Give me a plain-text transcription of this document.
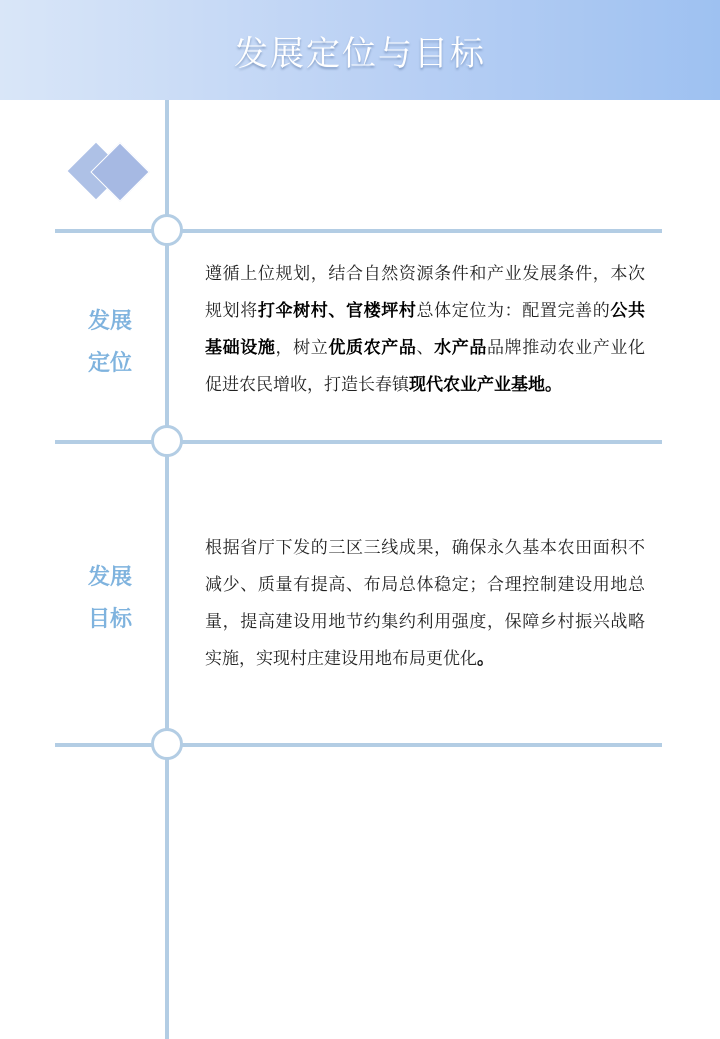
发展定位与目标
发展
定位

遵循上位规划，结合自然资源条件和产业发展条件，本次规划将打伞树村、官楼坪村总体定位为：配置完善的公共基础设施，树立优质农产品、水产品品牌推动农业产业化促进农民增收，打造长春镇现代农业产业基地。

发展
目标

根据省厅下发的三区三线成果，确保永久基本农田面积不减少、质量有提高、布局总体稳定；合理控制建设用地总量，提高建设用地节约集约利用强度，保障乡村振兴战略实施，实现村庄建设用地布局更优化。
